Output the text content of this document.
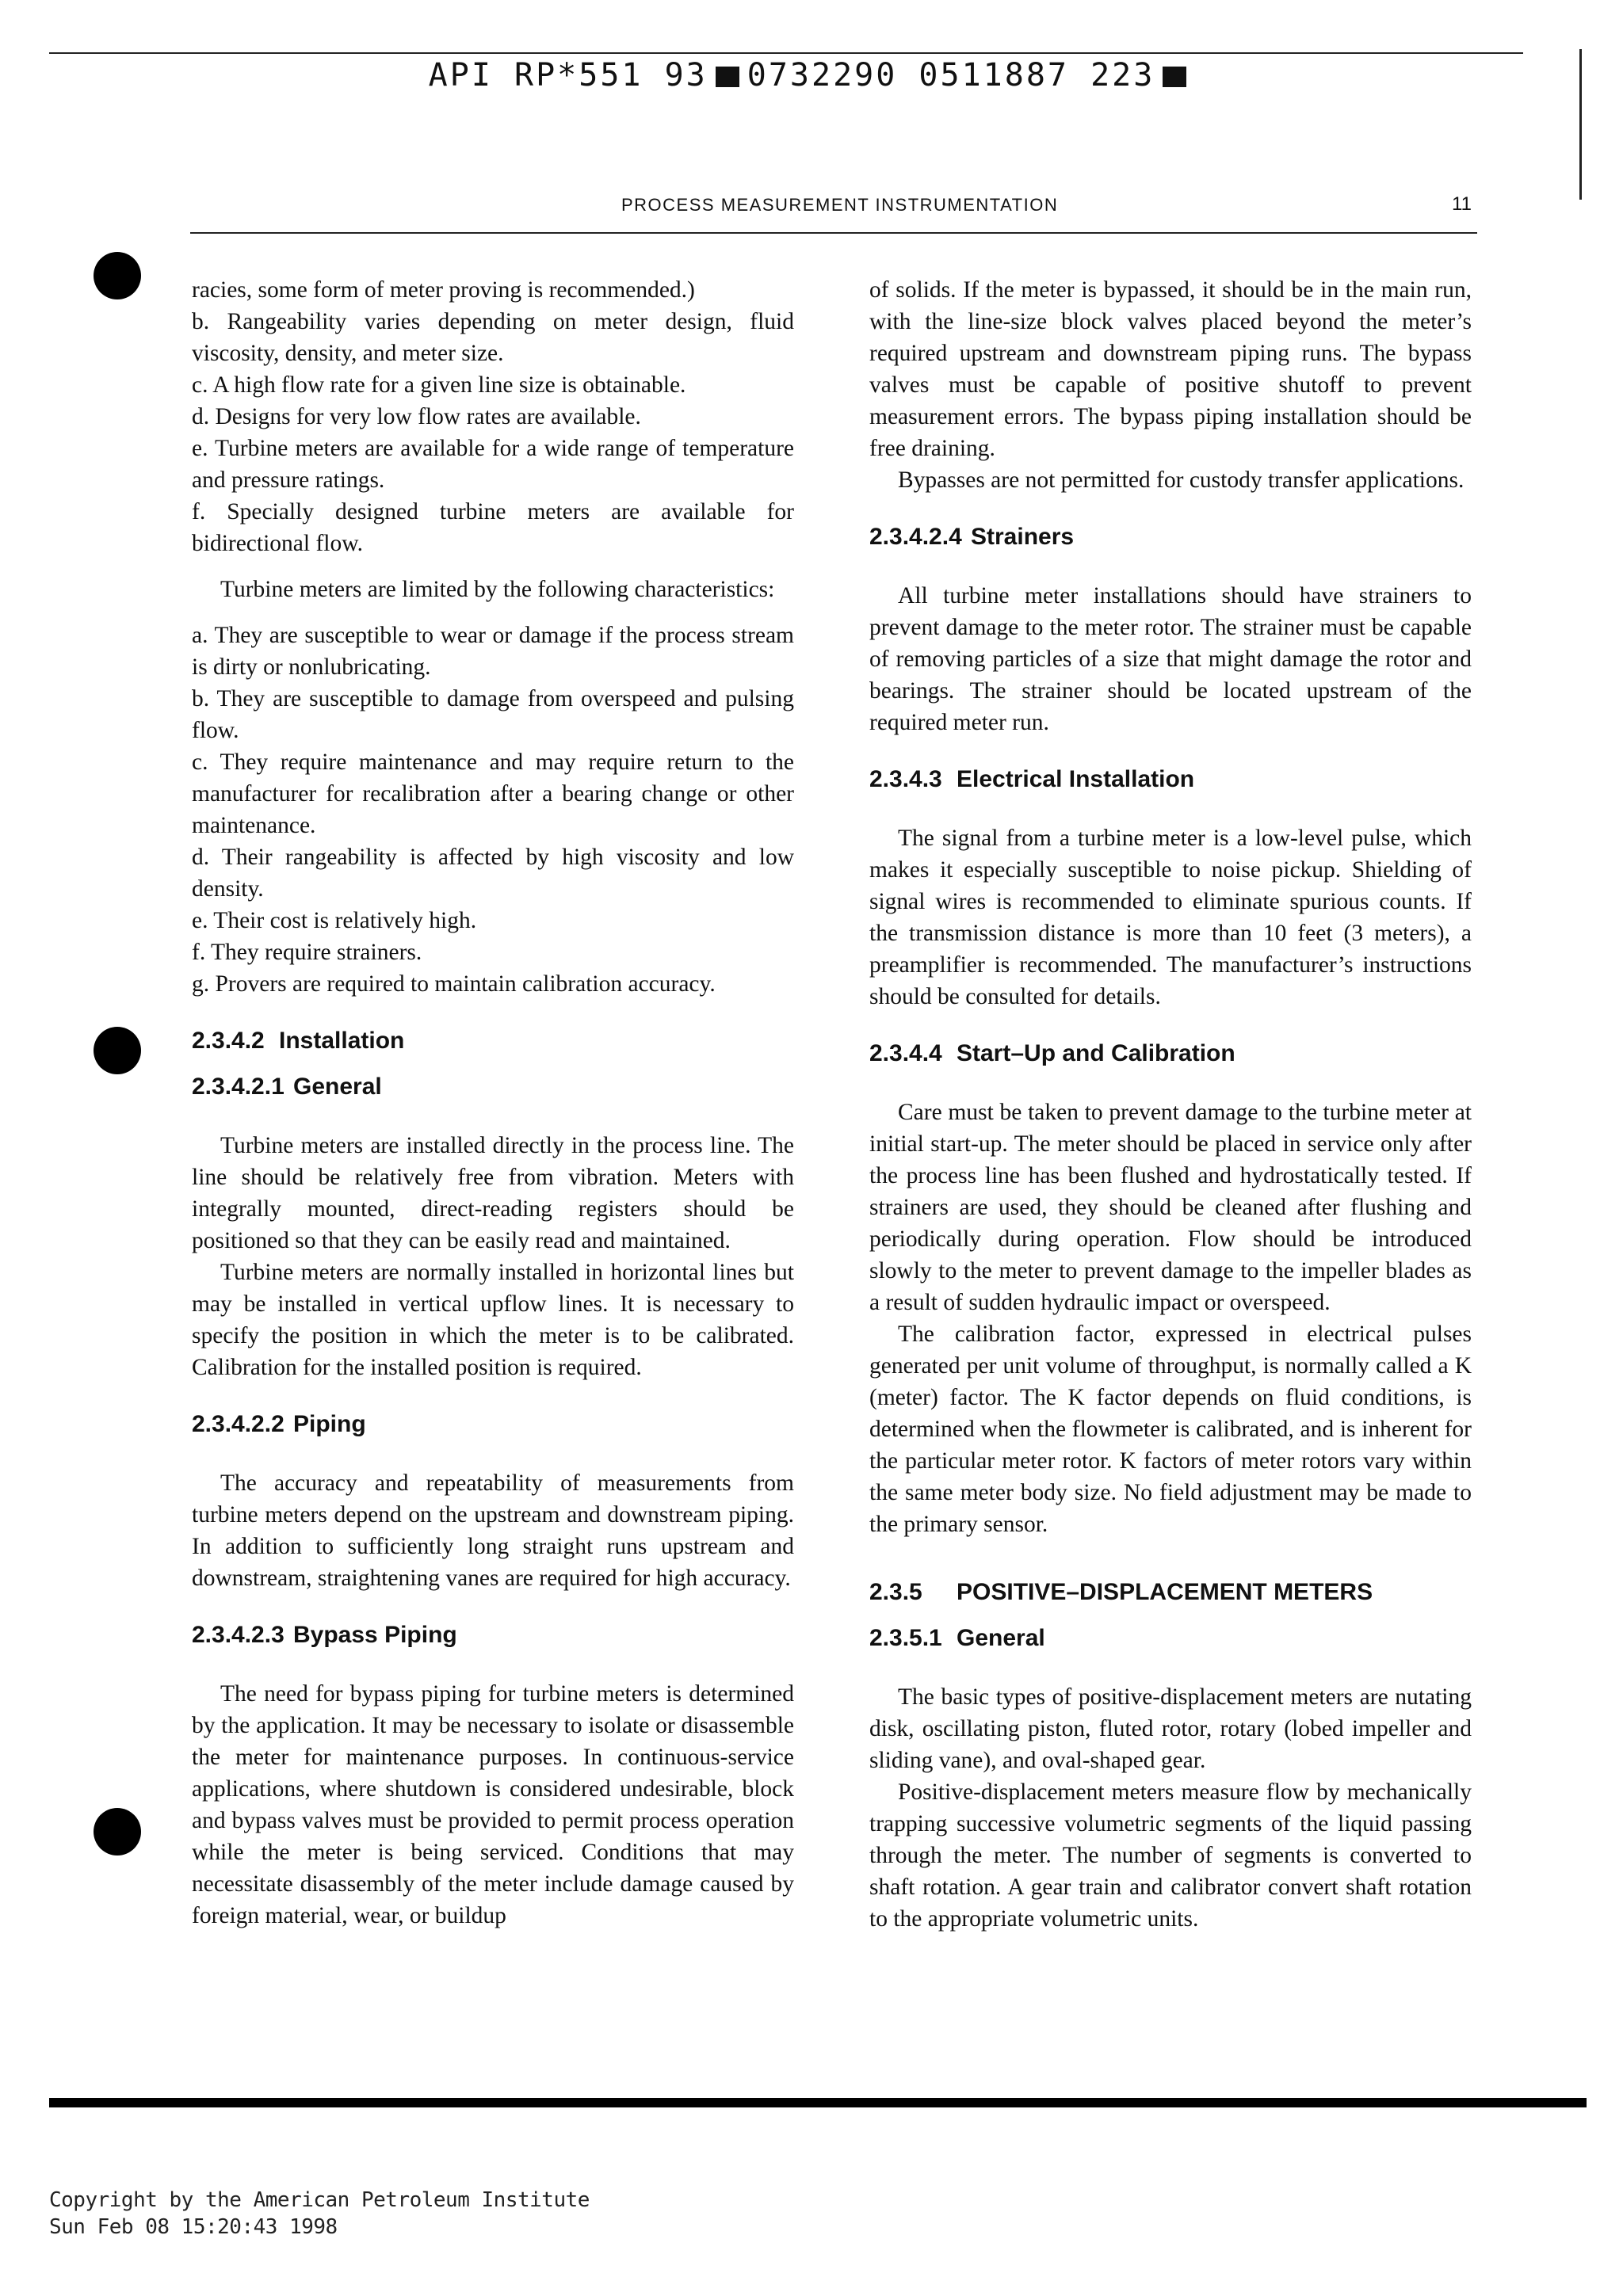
API RP*551 93 0732290 0511887 223
PROCESS MEASUREMENT INSTRUMENTATION	11

racies, some form of meter proving is recommended.)

b. Rangeability varies depending on meter design, fluid viscosity, density, and meter size.

c. A high flow rate for a given line size is obtainable.

d. Designs for very low flow rates are available.

e. Turbine meters are available for a wide range of temperature and pressure ratings.

f. Specially designed turbine meters are available for bidirectional flow.

Turbine meters are limited by the following characteristics:

a. They are susceptible to wear or damage if the process stream is dirty or nonlubricating.

b. They are susceptible to damage from overspeed and pulsing flow.

c. They require maintenance and may require return to the manufacturer for recalibration after a bearing change or other maintenance.

d. Their rangeability is affected by high viscosity and low density.

e. Their cost is relatively high.

f. They require strainers.

g. Provers are required to maintain calibration accuracy.

2.3.4.2 Installation
2.3.4.2.1 General

Turbine meters are installed directly in the process line. The line should be relatively free from vibration. Meters with integrally mounted, direct-reading registers should be positioned so that they can be easily read and maintained.

Turbine meters are normally installed in horizontal lines but may be installed in vertical upflow lines. It is necessary to specify the position in which the meter is to be calibrated. Calibration for the installed position is required.

2.3.4.2.2 Piping

The accuracy and repeatability of measurements from turbine meters depend on the upstream and downstream piping. In addition to sufficiently long straight runs upstream and downstream, straightening vanes are required for high accuracy.

2.3.4.2.3 Bypass Piping

The need for bypass piping for turbine meters is determined by the application. It may be necessary to isolate or disassemble the meter for maintenance purposes. In continuous-service applications, where shutdown is considered undesirable, block and bypass valves must be provided to permit process operation while the meter is being serviced. Conditions that may necessitate disassembly of the meter include damage caused by foreign material, wear, or buildup

of solids. If the meter is bypassed, it should be in the main run, with the line-size block valves placed beyond the meter’s required upstream and downstream piping runs. The bypass valves must be capable of positive shutoff to prevent measurement errors. The bypass piping installation should be free draining.

Bypasses are not permitted for custody transfer applications.

2.3.4.2.4 Strainers

All turbine meter installations should have strainers to prevent damage to the meter rotor. The strainer must be capable of removing particles of a size that might damage the rotor and bearings. The strainer should be located upstream of the required meter run.

2.3.4.3 Electrical Installation

The signal from a turbine meter is a low-level pulse, which makes it especially susceptible to noise pickup. Shielding of signal wires is recommended to eliminate spurious counts. If the transmission distance is more than 10 feet (3 meters), a preamplifier is recommended. The manufacturer’s instructions should be consulted for details.

2.3.4.4 Start–Up and Calibration

Care must be taken to prevent damage to the turbine meter at initial start-up. The meter should be placed in service only after the process line has been flushed and hydrostatically tested. If strainers are used, they should be cleaned after flushing and periodically during operation. Flow should be introduced slowly to the meter to prevent damage to the impeller blades as a result of sudden hydraulic impact or overspeed.

The calibration factor, expressed in electrical pulses generated per unit volume of throughput, is normally called a K (meter) factor. The K factor depends on fluid conditions, is determined when the flowmeter is calibrated, and is inherent for the particular meter rotor. K factors of meter rotors vary within the same meter body size. No field adjustment may be made to the primary sensor.

2.3.5 POSITIVE–DISPLACEMENT METERS
2.3.5.1 General

The basic types of positive-displacement meters are nutating disk, oscillating piston, fluted rotor, rotary (lobed impeller and sliding vane), and oval-shaped gear.

Positive-displacement meters measure flow by mechanically trapping successive volumetric segments of the liquid passing through the meter. The number of segments is converted to shaft rotation. A gear train and calibrator convert shaft rotation to the appropriate volumetric units.

Copyright by the American Petroleum Institute
Sun Feb 08 15:20:43 1998
